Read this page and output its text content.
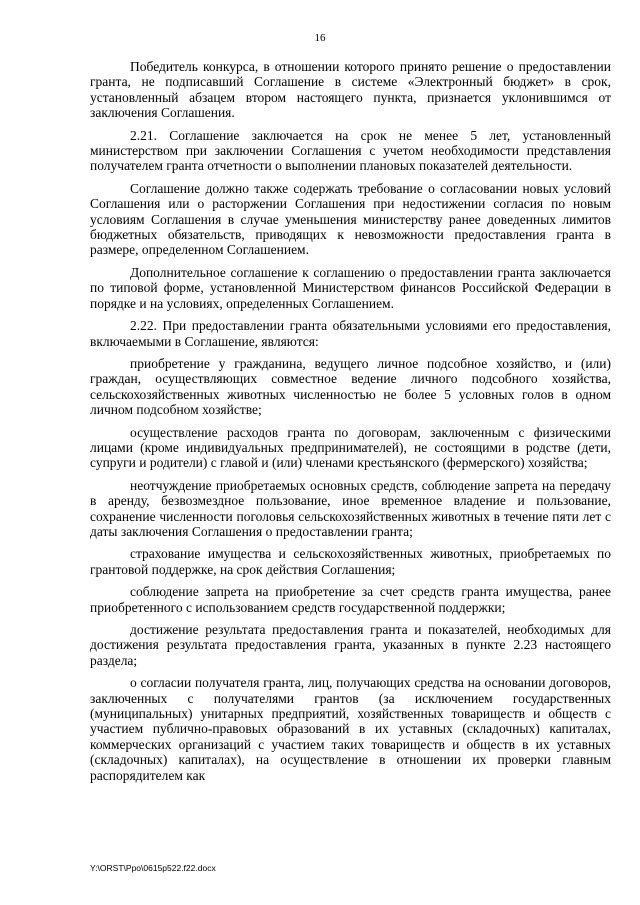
16

Победитель конкурса, в отношении которого принято решение о предоставлении гранта, не подписавший Соглашение в системе «Электронный бюджет» в срок, установленный абзацем втором настоящего пункта, признается уклонившимся от заключения Соглашения.

2.21. Соглашение заключается на срок не менее 5 лет, установленный министерством при заключении Соглашения с учетом необходимости представления получателем гранта отчетности о выполнении плановых показателей деятельности.

Соглашение должно также содержать требование о согласовании новых условий Соглашения или о расторжении Соглашения при недостижении согласия по новым условиям Соглашения в случае уменьшения министерству ранее доведенных лимитов бюджетных обязательств, приводящих к невозможности предоставления гранта в размере, определенном Соглашением.

Дополнительное соглашение к соглашению о предоставлении гранта заключается по типовой форме, установленной Министерством финансов Российской Федерации в порядке и на условиях, определенных Соглашением.

2.22. При предоставлении гранта обязательными условиями его предоставления, включаемыми в Соглашение, являются:

приобретение у гражданина, ведущего личное подсобное хозяйство, и (или) граждан, осуществляющих совместное ведение личного подсобного хозяйства, сельскохозяйственных животных численностью не более 5 условных голов в одном личном подсобном хозяйстве;

осуществление расходов гранта по договорам, заключенным с физическими лицами (кроме индивидуальных предпринимателей), не состоящими в родстве (дети, супруги и родители) с главой и (или) членами крестьянского (фермерского) хозяйства;

неотчуждение приобретаемых основных средств, соблюдение запрета на передачу в аренду, безвозмездное пользование, иное временное владение и пользование, сохранение численности поголовья сельскохозяйственных животных в течение пяти лет с даты заключения Соглашения о предоставлении гранта;

страхование имущества и сельскохозяйственных животных, приобретаемых по грантовой поддержке, на срок действия Соглашения;

соблюдение запрета на приобретение за счет средств гранта имущества, ранее приобретенного с использованием средств государственной поддержки;

достижение результата предоставления гранта и показателей, необходимых для достижения результата предоставления гранта, указанных в пункте 2.23 настоящего раздела;

о согласии получателя гранта, лиц, получающих средства на основании договоров, заключенных с получателями грантов (за исключением государственных (муниципальных) унитарных предприятий, хозяйственных товариществ и обществ с участием публично-правовых образований в их уставных (складочных) капиталах, коммерческих организаций с участием таких товариществ и обществ в их уставных (складочных) капиталах), на осуществление в отношении их проверки главным распорядителем как

Y:\ORST\Ppo\0615p522.f22.docx
